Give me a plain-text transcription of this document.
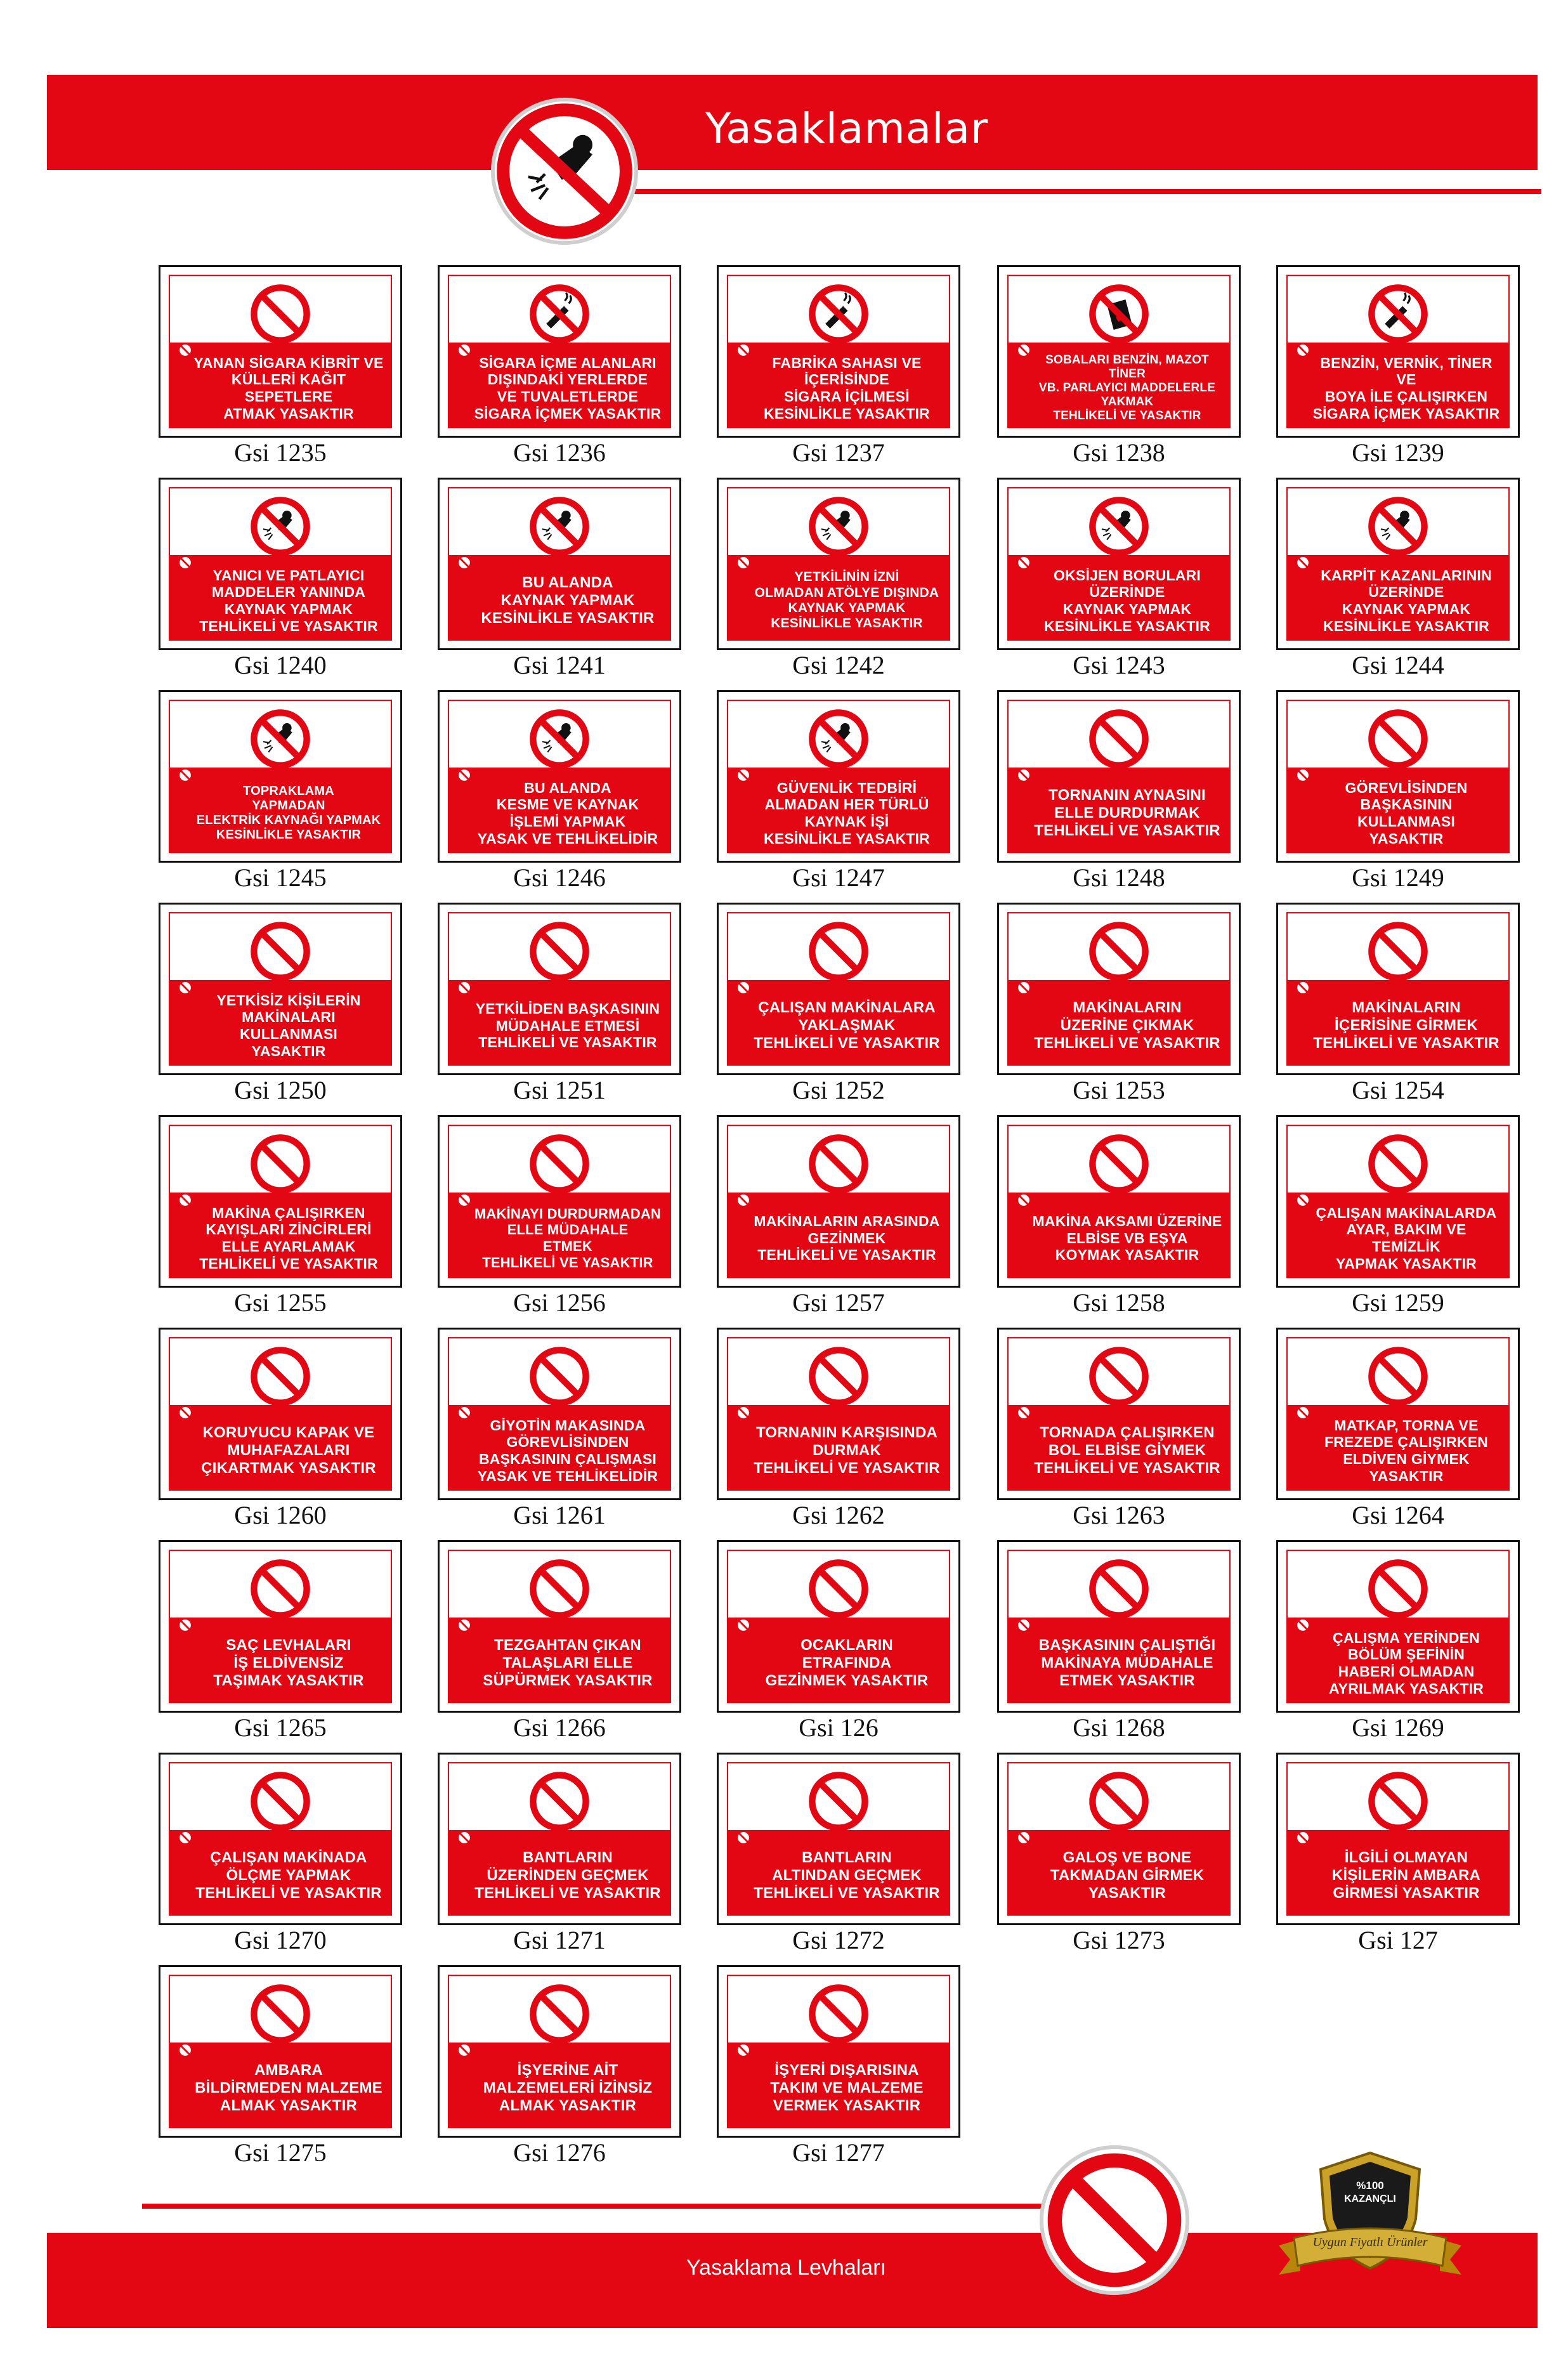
Yasaklamalar
YANAN SİGARA KİBRİT VE
KÜLLERİ KAĞIT SEPETLERE
ATMAK YASAKTIR
Gsi 1235
SİGARA İÇME ALANLARI
DIŞINDAKİ YERLERDE
VE TUVALETLERDE
SİGARA İÇMEK YASAKTIR
Gsi 1236
FABRİKA SAHASI VE İÇERİSİNDE
SİGARA İÇİLMESİ
KESİNLİKLE YASAKTIR
Gsi 1237
SOBALARI BENZİN, MAZOT TİNER
VB. PARLAYICI MADDELERLE
YAKMAK
TEHLİKELİ VE YASAKTIR
Gsi 1238
BENZİN, VERNİK, TİNER VE
BOYA İLE ÇALIŞIRKEN
SİGARA İÇMEK YASAKTIR
Gsi 1239
YANICI VE PATLAYICI
MADDELER YANINDA
KAYNAK YAPMAK
TEHLİKELİ VE YASAKTIR
Gsi 1240
BU ALANDA
KAYNAK YAPMAK
KESİNLİKLE YASAKTIR
Gsi 1241
YETKİLİNİN İZNİ
OLMADAN ATÖLYE DIŞINDA
KAYNAK YAPMAK
KESİNLİKLE YASAKTIR
Gsi 1242
OKSİJEN BORULARI
ÜZERİNDE
KAYNAK YAPMAK
KESİNLİKLE YASAKTIR
Gsi 1243
KARPİT KAZANLARININ
ÜZERİNDE
KAYNAK YAPMAK
KESİNLİKLE YASAKTIR
Gsi 1244
TOPRAKLAMA
YAPMADAN
ELEKTRİK KAYNAĞI YAPMAK
KESİNLİKLE YASAKTIR
Gsi 1245
BU ALANDA
KESME VE KAYNAK
İŞLEMİ YAPMAK
YASAK VE TEHLİKELİDİR
Gsi 1246
GÜVENLİK TEDBİRİ
ALMADAN HER TÜRLÜ
KAYNAK İŞİ
KESİNLİKLE YASAKTIR
Gsi 1247
TORNANIN AYNASINI
ELLE DURDURMAK
TEHLİKELİ VE YASAKTIR
Gsi 1248
GÖREVLİSİNDEN
BAŞKASININ KULLANMASI
YASAKTIR
Gsi 1249
YETKİSİZ KİŞİLERİN
MAKİNALARI KULLANMASI
YASAKTIR
Gsi 1250
YETKİLİDEN BAŞKASININ
MÜDAHALE ETMESİ
TEHLİKELİ VE YASAKTIR
Gsi 1251
ÇALIŞAN MAKİNALARA
YAKLAŞMAK
TEHLİKELİ VE YASAKTIR
Gsi 1252
MAKİNALARIN
ÜZERİNE ÇIKMAK
TEHLİKELİ VE YASAKTIR
Gsi 1253
MAKİNALARIN
İÇERİSİNE GİRMEK
TEHLİKELİ VE YASAKTIR
Gsi 1254
MAKİNA ÇALIŞIRKEN
KAYIŞLARI ZİNCİRLERİ
ELLE AYARLAMAK
TEHLİKELİ VE YASAKTIR
Gsi 1255
MAKİNAYI DURDURMADAN
ELLE MÜDAHALE
ETMEK
TEHLİKELİ VE YASAKTIR
Gsi 1256
MAKİNALARIN ARASINDA
GEZİNMEK
TEHLİKELİ VE YASAKTIR
Gsi 1257
MAKİNA AKSAMI ÜZERİNE
ELBİSE VB EŞYA
KOYMAK YASAKTIR
Gsi 1258
ÇALIŞAN MAKİNALARDA
AYAR, BAKIM VE
TEMİZLİK
YAPMAK YASAKTIR
Gsi 1259
KORUYUCU KAPAK VE
MUHAFAZALARI
ÇIKARTMAK YASAKTIR
Gsi 1260
GİYOTİN MAKASINDA
GÖREVLİSİNDEN
BAŞKASININ ÇALIŞMASI
YASAK VE TEHLİKELİDİR
Gsi 1261
TORNANIN KARŞISINDA
DURMAK
TEHLİKELİ VE YASAKTIR
Gsi 1262
TORNADA ÇALIŞIRKEN
BOL ELBİSE GİYMEK
TEHLİKELİ VE YASAKTIR
Gsi 1263
MATKAP, TORNA VE
FREZEDE ÇALIŞIRKEN
ELDİVEN GİYMEK YASAKTIR
Gsi 1264
SAÇ LEVHALARI
İŞ ELDİVENSİZ
TAŞIMAK YASAKTIR
Gsi 1265
TEZGAHTAN ÇIKAN
TALAŞLARI ELLE
SÜPÜRMEK YASAKTIR
Gsi 1266
OCAKLARIN
ETRAFINDA
GEZİNMEK YASAKTIR
Gsi 126
BAŞKASININ ÇALIŞTIĞI
MAKİNAYA MÜDAHALE
ETMEK YASAKTIR
Gsi 1268
ÇALIŞMA YERİNDEN
BÖLÜM ŞEFİNİN
HABERİ OLMADAN
AYRILMAK YASAKTIR
Gsi 1269
ÇALIŞAN MAKİNADA
ÖLÇME YAPMAK
TEHLİKELİ VE YASAKTIR
Gsi 1270
BANTLARIN
ÜZERİNDEN GEÇMEK
TEHLİKELİ VE YASAKTIR
Gsi 1271
BANTLARIN
ALTINDAN GEÇMEK
TEHLİKELİ VE YASAKTIR
Gsi 1272
GALOŞ VE BONE
TAKMADAN GİRMEK
YASAKTIR
Gsi 1273
İLGİLİ OLMAYAN
KİŞİLERİN AMBARA
GİRMESİ YASAKTIR
Gsi 127
AMBARA
BİLDİRMEDEN MALZEME
ALMAK YASAKTIR
Gsi 1275
İŞYERİNE AİT
MALZEMELERİ İZİNSİZ
ALMAK YASAKTIR
Gsi 1276
İŞYERİ DIŞARISINA
TAKIM VE MALZEME
VERMEK YASAKTIR
Gsi 1277
Yasaklama Levhaları
%100
KAZANÇLI
Uygun Fiyatlı Ürünler
